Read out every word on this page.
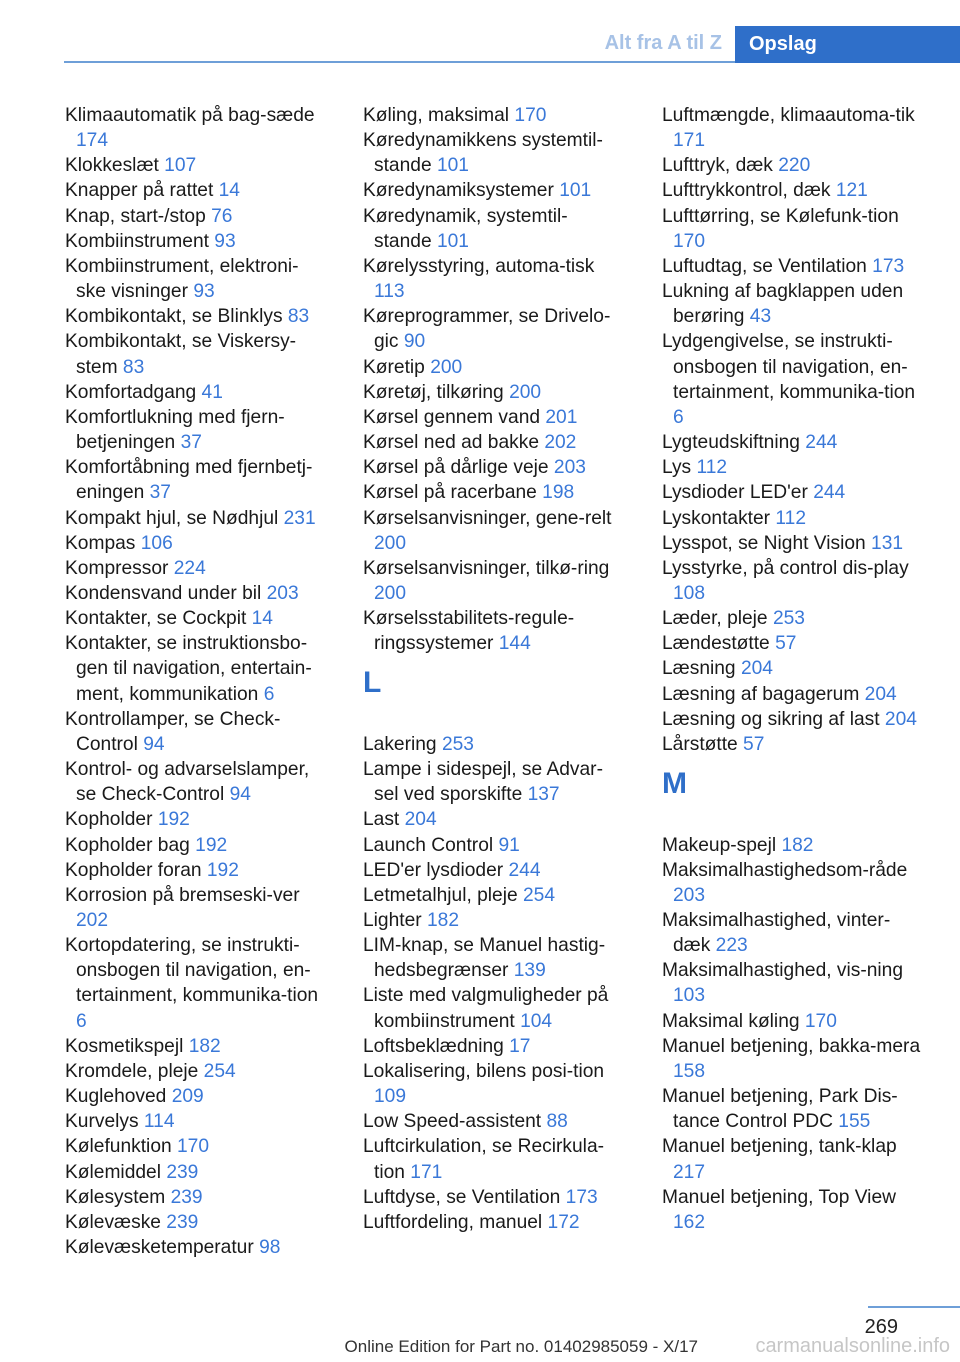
Alt fra A til Z	Opslag
Klimaautomatik på bag-sæde 174
Klokkeslæt 107
Knapper på rattet 14
Knap, start-/stop 76
Kombiinstrument 93
Kombiinstrument, elektroni-ske visninger 93
Kombikontakt, se Blinklys 83
Kombikontakt, se Viskersy-stem 83
Komfortadgang 41
Komfortlukning med fjern-betjeningen 37
Komfortåbning med fjernbetj-eningen 37
Kompakt hjul, se Nødhjul 231
Kompas 106
Kompressor 224
Kondensvand under bil 203
Kontakter, se Cockpit 14
Kontakter, se instruktionsbo-gen til navigation, entertain-ment, kommunikation 6
Kontrollamper, se Check-Control 94
Kontrol- og advarselslamper, se Check-Control 94
Kopholder 192
Kopholder bag 192
Kopholder foran 192
Korrosion på bremseski-ver 202
Kortopdatering, se instrukti-onsbogen til navigation, en-tertainment, kommunika-tion 6
Kosmetikspejl 182
Kromdele, pleje 254
Kuglehoved 209
Kurvelys 114
Kølefunktion 170
Kølemiddel 239
Kølesystem 239
Kølevæske 239
Kølevæsketemperatur 98
Køling, maksimal 170
Køredynamikkens systemtil-stande 101
Køredynamiksystemer 101
Køredynamik, systemtil-stande 101
Kørelysstyring, automa-tisk 113
Køreprogrammer, se Drivelo-gic 90
Køretip 200
Køretøj, tilkøring 200
Kørsel gennem vand 201
Kørsel ned ad bakke 202
Kørsel på dårlige veje 203
Kørsel på racerbane 198
Kørselsanvisninger, gene-relt 200
Kørselsanvisninger, tilkø-ring 200
Kørselsstabilitets-regule-ringssystemer 144
L
Lakering 253
Lampe i sidespejl, se Advar-sel ved sporskifte 137
Last 204
Launch Control 91
LED'er lysdioder 244
Letmetalhjul, pleje 254
Lighter 182
LIM-knap, se Manuel hastig-hedsbegrænser 139
Liste med valgmuligheder på kombiinstrument 104
Loftsbeklædning 17
Lokalisering, bilens posi-tion 109
Low Speed-assistent 88
Luftcirkulation, se Recirkula-tion 171
Luftdyse, se Ventilation 173
Luftfordeling, manuel 172
Luftmængde, klimaautoma-tik 171
Lufttryk, dæk 220
Lufttrykkontrol, dæk 121
Lufttørring, se Kølefunk-tion 170
Luftudtag, se Ventilation 173
Lukning af bagklappen uden berøring 43
Lydgengivelse, se instrukti-onsbogen til navigation, en-tertainment, kommunika-tion 6
Lygteudskiftning 244
Lys 112
Lysdioder LED'er 244
Lyskontakter 112
Lysspot, se Night Vision 131
Lysstyrke, på control dis-play 108
Læder, pleje 253
Lændestøtte 57
Læsning 204
Læsning af bagagerum 204
Læsning og sikring af last 204
Lårstøtte 57
M
Makeup-spejl 182
Maksimalhastighedsom-råde 203
Maksimalhastighed, vinter-dæk 223
Maksimalhastighed, vis-ning 103
Maksimal køling 170
Manuel betjening, bakka-mera 158
Manuel betjening, Park Dis-tance Control PDC 155
Manuel betjening, tank-klap 217
Manuel betjening, Top View 162
269
Online Edition for Part no. 01402985059 - X/17	carmanualsonline.info
